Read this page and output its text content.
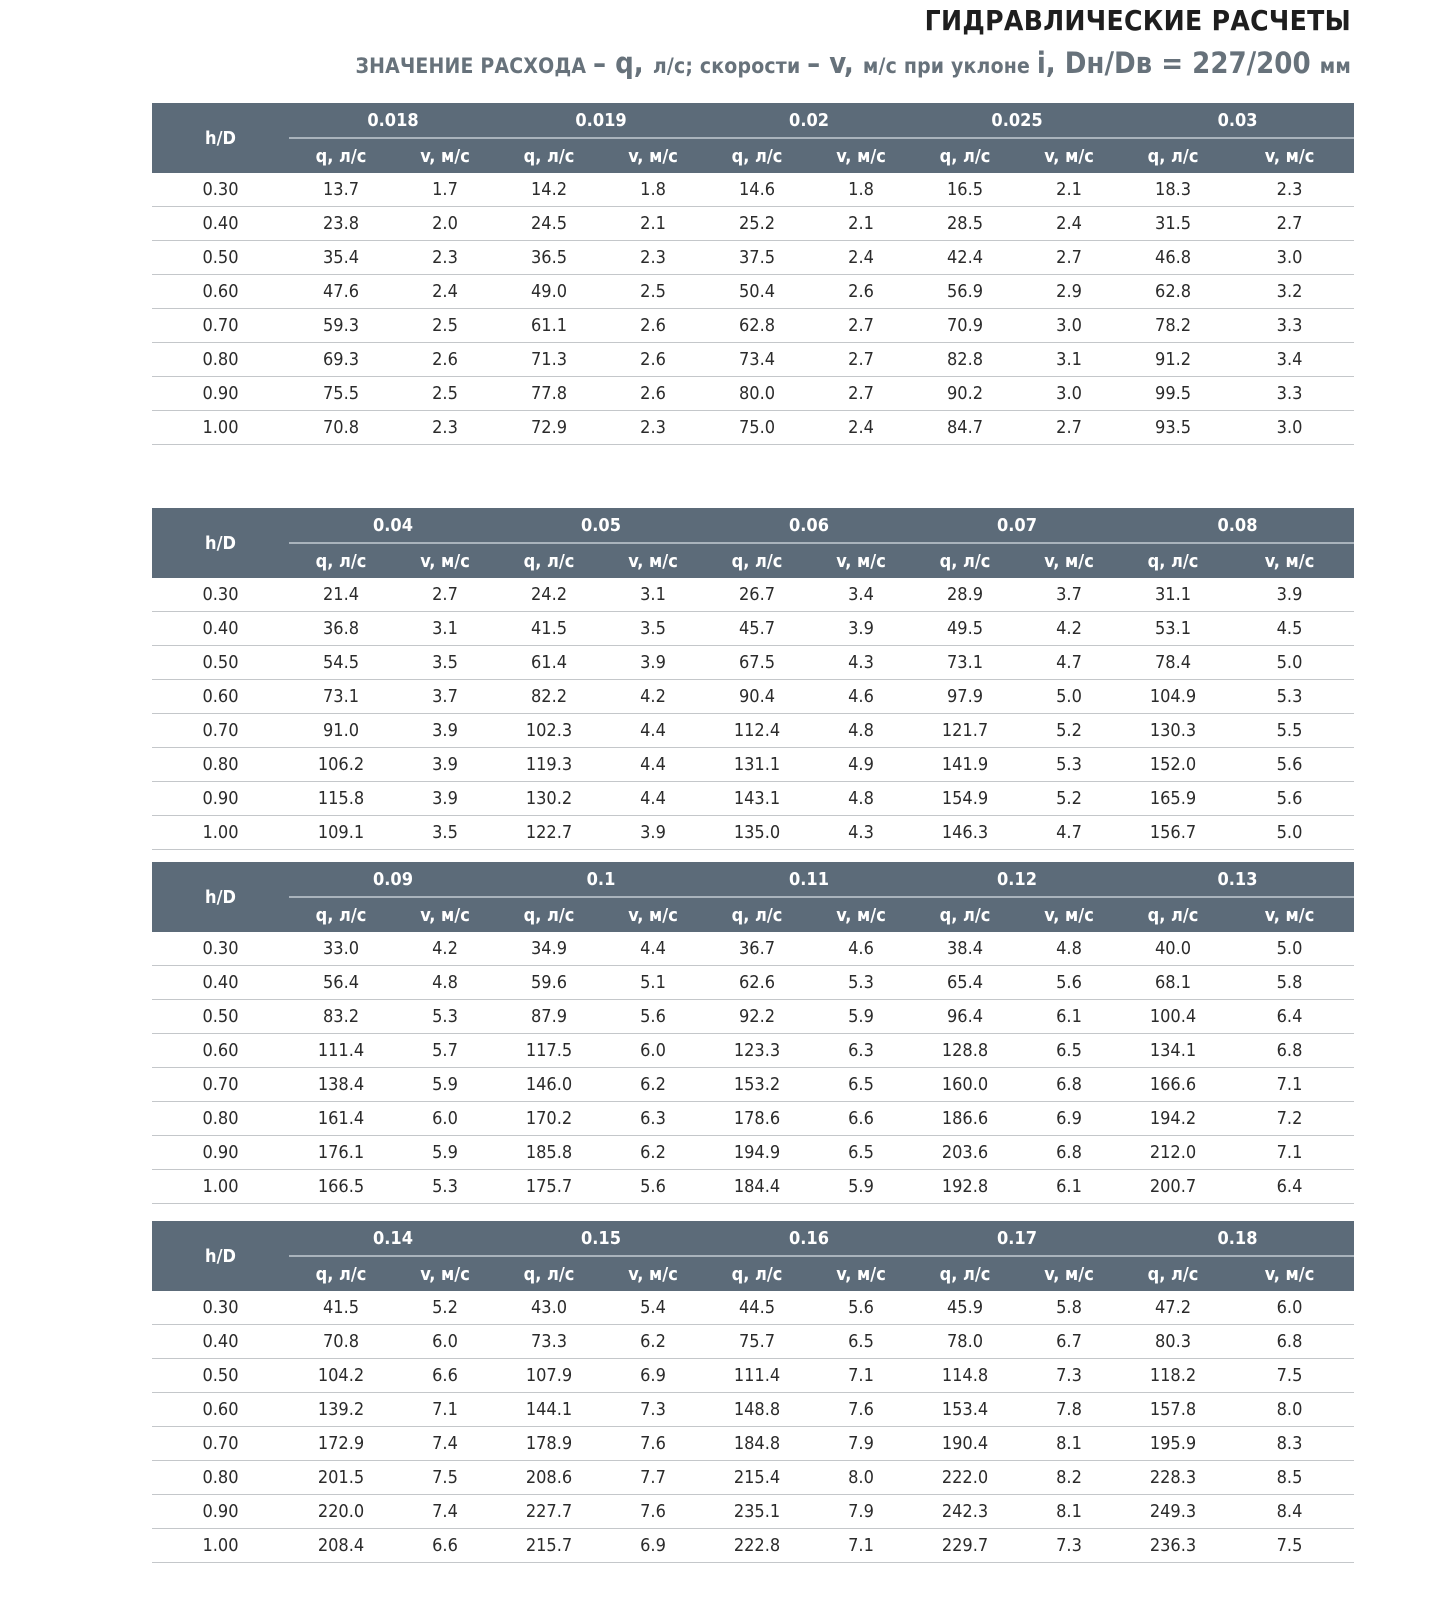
ГИДРАВЛИЧЕСКИЕ РАСЧЕТЫ
ЗНАЧЕНИЕ РАСХОДА – q, л/с; скорости – v, м/с при уклоне i, Dн/Dв = 227/200 мм
h/D	0.018		0.019		0.02		0.025		0.03		
	q, л/с	v, м/с	q, л/с	v, м/с	q, л/с	v, м/с	q, л/с	v, м/с	q, л/с	v, м/с	
0.30	13.7	1.7	14.2	1.8	14.6	1.8	16.5	2.1	18.3	2.3	
0.40	23.8	2.0	24.5	2.1	25.2	2.1	28.5	2.4	31.5	2.7	
0.50	35.4	2.3	36.5	2.3	37.5	2.4	42.4	2.7	46.8	3.0	
0.60	47.6	2.4	49.0	2.5	50.4	2.6	56.9	2.9	62.8	3.2	
0.70	59.3	2.5	61.1	2.6	62.8	2.7	70.9	3.0	78.2	3.3	
0.80	69.3	2.6	71.3	2.6	73.4	2.7	82.8	3.1	91.2	3.4	
0.90	75.5	2.5	77.8	2.6	80.0	2.7	90.2	3.0	99.5	3.3	
1.00	70.8	2.3	72.9	2.3	75.0	2.4	84.7	2.7	93.5	3.0	
h/D	0.04		0.05		0.06		0.07		0.08		
	q, л/с	v, м/с	q, л/с	v, м/с	q, л/с	v, м/с	q, л/с	v, м/с	q, л/с	v, м/с	
0.30	21.4	2.7	24.2	3.1	26.7	3.4	28.9	3.7	31.1	3.9	
0.40	36.8	3.1	41.5	3.5	45.7	3.9	49.5	4.2	53.1	4.5	
0.50	54.5	3.5	61.4	3.9	67.5	4.3	73.1	4.7	78.4	5.0	
0.60	73.1	3.7	82.2	4.2	90.4	4.6	97.9	5.0	104.9	5.3	
0.70	91.0	3.9	102.3	4.4	112.4	4.8	121.7	5.2	130.3	5.5	
0.80	106.2	3.9	119.3	4.4	131.1	4.9	141.9	5.3	152.0	5.6	
0.90	115.8	3.9	130.2	4.4	143.1	4.8	154.9	5.2	165.9	5.6	
1.00	109.1	3.5	122.7	3.9	135.0	4.3	146.3	4.7	156.7	5.0	
h/D	0.09		0.1		0.11		0.12		0.13		
	q, л/с	v, м/с	q, л/с	v, м/с	q, л/с	v, м/с	q, л/с	v, м/с	q, л/с	v, м/с	
0.30	33.0	4.2	34.9	4.4	36.7	4.6	38.4	4.8	40.0	5.0	
0.40	56.4	4.8	59.6	5.1	62.6	5.3	65.4	5.6	68.1	5.8	
0.50	83.2	5.3	87.9	5.6	92.2	5.9	96.4	6.1	100.4	6.4	
0.60	111.4	5.7	117.5	6.0	123.3	6.3	128.8	6.5	134.1	6.8	
0.70	138.4	5.9	146.0	6.2	153.2	6.5	160.0	6.8	166.6	7.1	
0.80	161.4	6.0	170.2	6.3	178.6	6.6	186.6	6.9	194.2	7.2	
0.90	176.1	5.9	185.8	6.2	194.9	6.5	203.6	6.8	212.0	7.1	
1.00	166.5	5.3	175.7	5.6	184.4	5.9	192.8	6.1	200.7	6.4	
h/D	0.14		0.15		0.16		0.17		0.18		
	q, л/с	v, м/с	q, л/с	v, м/с	q, л/с	v, м/с	q, л/с	v, м/с	q, л/с	v, м/с	
0.30	41.5	5.2	43.0	5.4	44.5	5.6	45.9	5.8	47.2	6.0	
0.40	70.8	6.0	73.3	6.2	75.7	6.5	78.0	6.7	80.3	6.8	
0.50	104.2	6.6	107.9	6.9	111.4	7.1	114.8	7.3	118.2	7.5	
0.60	139.2	7.1	144.1	7.3	148.8	7.6	153.4	7.8	157.8	8.0	
0.70	172.9	7.4	178.9	7.6	184.8	7.9	190.4	8.1	195.9	8.3	
0.80	201.5	7.5	208.6	7.7	215.4	8.0	222.0	8.2	228.3	8.5	
0.90	220.0	7.4	227.7	7.6	235.1	7.9	242.3	8.1	249.3	8.4	
1.00	208.4	6.6	215.7	6.9	222.8	7.1	229.7	7.3	236.3	7.5	
